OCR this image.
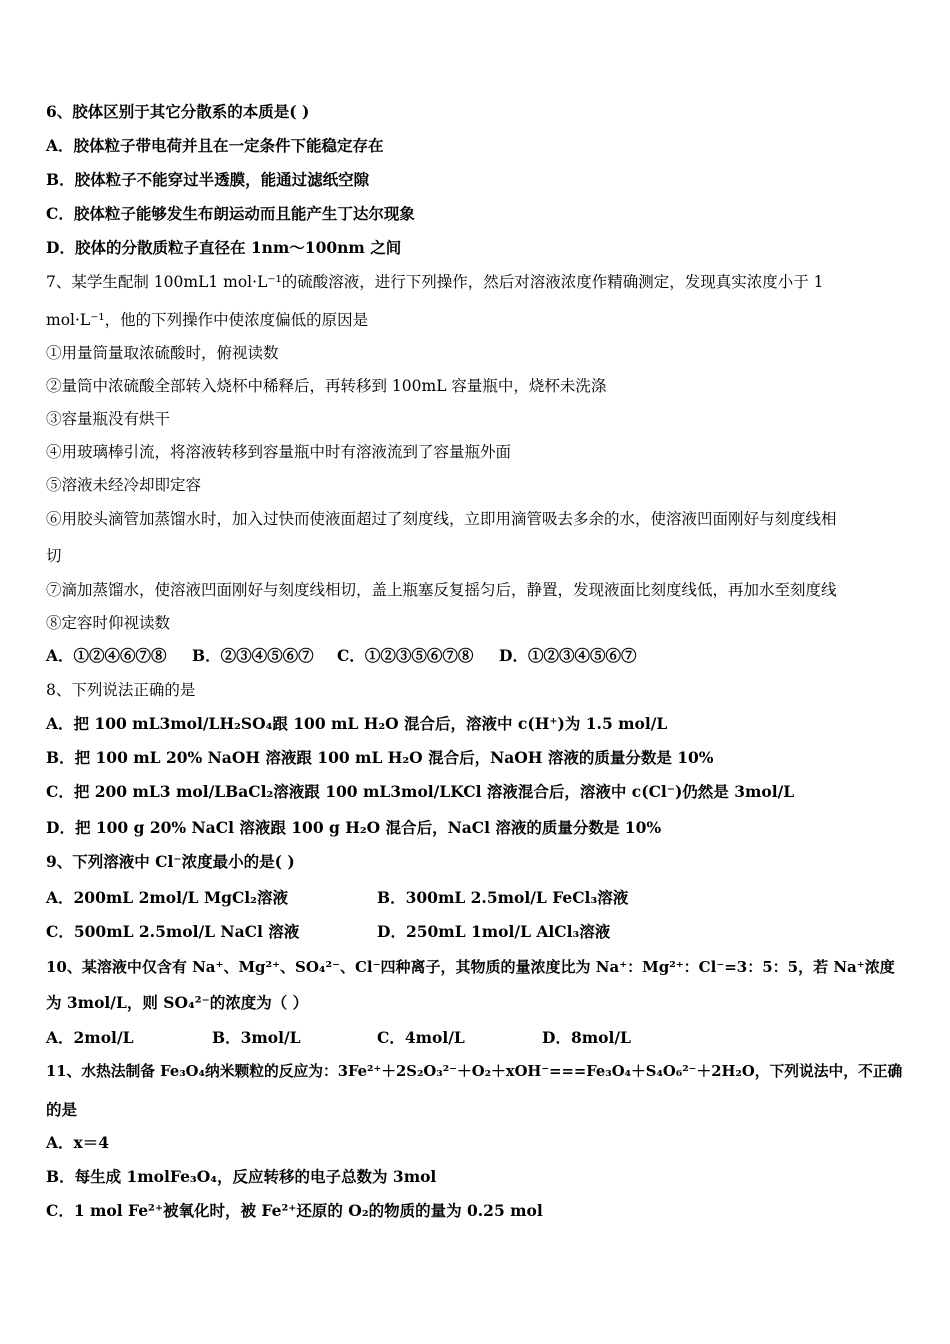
6、胶体区别于其它分散系的本质是( )
A．胶体粒子带电荷并且在一定条件下能稳定存在
B．胶体粒子不能穿过半透膜，能通过滤纸空隙
C．胶体粒子能够发生布朗运动而且能产生丁达尔现象
D．胶体的分散质粒子直径在 1nm～100nm 之间
7、某学生配制 100mL1 mol·L⁻¹的硫酸溶液，进行下列操作，然后对溶液浓度作精确测定，发现真实浓度小于 1
mol·L⁻¹，他的下列操作中使浓度偏低的原因是
①用量筒量取浓硫酸时，俯视读数
②量筒中浓硫酸全部转入烧杯中稀释后，再转移到 100mL 容量瓶中，烧杯未洗涤
③容量瓶没有烘干
④用玻璃棒引流，将溶液转移到容量瓶中时有溶液流到了容量瓶外面
⑤溶液未经冷却即定容
⑥用胶头滴管加蒸馏水时，加入过快而使液面超过了刻度线，立即用滴管吸去多余的水，使溶液凹面刚好与刻度线相
切
⑦滴加蒸馏水，使溶液凹面刚好与刻度线相切，盖上瓶塞反复摇匀后，静置，发现液面比刻度线低，再加水至刻度线
⑧定容时仰视读数
A．①②④⑥⑦⑧ B．②③④⑤⑥⑦ C．①②③⑤⑥⑦⑧ D．①②③④⑤⑥⑦
8、下列说法正确的是
A．把 100 mL3mol/LH₂SO₄跟 100 mL H₂O 混合后，溶液中 c(H⁺)为 1.5 mol/L
B．把 100 mL 20% NaOH 溶液跟 100 mL H₂O 混合后，NaOH 溶液的质量分数是 10%
C．把 200 mL3 mol/LBaCl₂溶液跟 100 mL3mol/LKCl 溶液混合后，溶液中 c(Cl⁻)仍然是 3mol/L
D．把 100 g 20% NaCl 溶液跟 100 g H₂O 混合后，NaCl 溶液的质量分数是 10%
9、下列溶液中 Cl⁻浓度最小的是( )
A．200mL 2mol/L MgCl₂溶液	B．300mL 2.5mol/L FeCl₃溶液
C．500mL 2.5mol/L NaCl 溶液	D．250mL 1mol/L AlCl₃溶液
10、某溶液中仅含有 Na⁺、Mg²⁺、SO₄²⁻、Cl⁻四种离子，其物质的量浓度比为 Na⁺：Mg²⁺：Cl⁻=3：5：5，若 Na⁺浓度
为 3mol/L，则 SO₄²⁻的浓度为（ ）
A．2mol/L	B．3mol/L	C．4mol/L	D．8mol/L
11、水热法制备 Fe₃O₄纳米颗粒的反应为：3Fe²⁺＋2S₂O₃²⁻＋O₂＋xOH⁻===Fe₃O₄＋S₄O₆²⁻＋2H₂O，下列说法中，不正确
的是
A．x＝4
B．每生成 1molFe₃O₄，反应转移的电子总数为 3mol
C．1 mol Fe²⁺被氧化时，被 Fe²⁺还原的 O₂的物质的量为 0.25 mol
